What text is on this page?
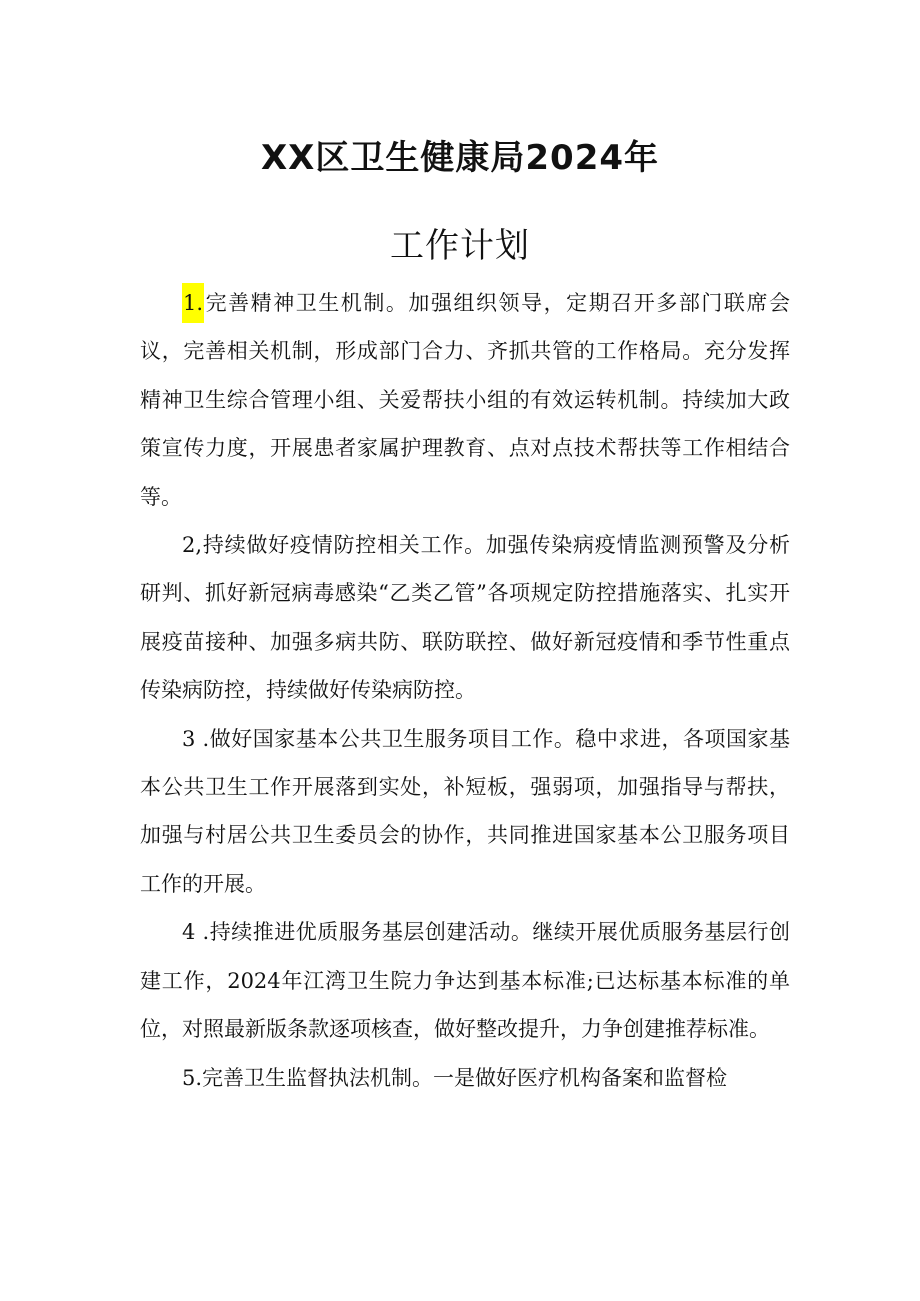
XX区卫生健康局2024年
工作计划

1.完善精神卫生机制。加强组织领导，定期召开多部门联席会议，完善相关机制，形成部门合力、齐抓共管的工作格局。充分发挥精神卫生综合管理小组、关爱帮扶小组的有效运转机制。持续加大政策宣传力度，开展患者家属护理教育、点对点技术帮扶等工作相结合等。

2,持续做好疫情防控相关工作。加强传染病疫情监测预警及分析研判、抓好新冠病毒感染“乙类乙管”各项规定防控措施落实、扎实开展疫苗接种、加强多病共防、联防联控、做好新冠疫情和季节性重点传染病防控，持续做好传染病防控。

3 .做好国家基本公共卫生服务项目工作。稳中求进，各项国家基本公共卫生工作开展落到实处，补短板，强弱项，加强指导与帮扶，加强与村居公共卫生委员会的协作，共同推进国家基本公卫服务项目工作的开展。

4 .持续推进优质服务基层创建活动。继续开展优质服务基层行创建工作，2024年江湾卫生院力争达到基本标准;已达标基本标准的单位，对照最新版条款逐项核查，做好整改提升，力争创建推荐标准。

5.完善卫生监督执法机制。一是做好医疗机构备案和监督检
